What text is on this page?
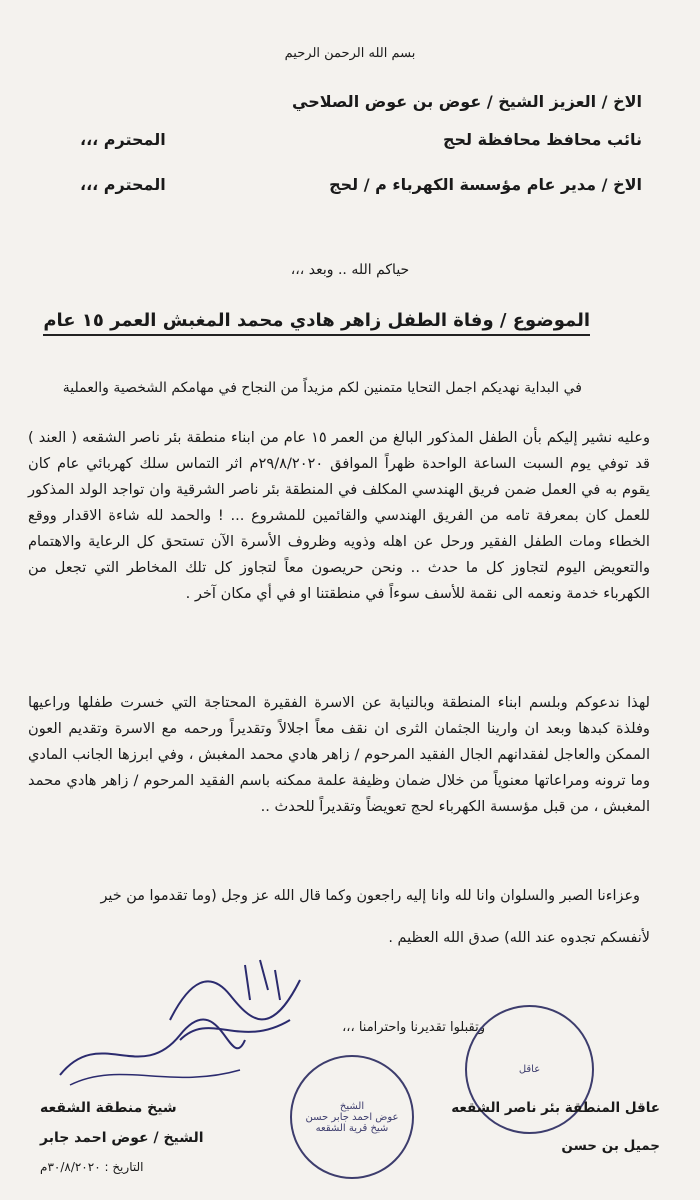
بسم الله الرحمن الرحيم
الاخ / العزيز الشيخ / عوض بن عوض الصلاحي
نائب محافظ محافظة لحج
المحترم ،،،
الاخ / مدير عام مؤسسة الكهرباء م / لحج
المحترم ،،،
حياكم الله .. وبعد ،،،
الموضوع / وفاة الطفل زاهر هادي محمد المغبش العمر ١٥ عام
في البداية نهديكم اجمل التحايا متمنين لكم مزيداً من النجاح في مهامكم الشخصية والعملية
وعليه نشير إليكم بأن الطفل المذكور البالغ من العمر ١٥ عام من ابناء منطقة بئر ناصر الشقعه ( العند ) قد توفي يوم السبت الساعة الواحدة ظهراً الموافق ٢٩/٨/٢٠٢٠م اثر التماس سلك كهربائي عام كان يقوم به في العمل ضمن فريق الهندسي المكلف في المنطقة بئر ناصر الشرقية وان تواجد الولد المذكور للعمل كان بمعرفة تامه من الفريق الهندسي والقائمين للمشروع ... ! والحمد لله شاءة الاقدار ووقع الخطاء ومات الطفل الفقير ورحل عن اهله وذويه وظروف الأسرة الآن تستحق كل الرعاية والاهتمام والتعويض اليوم لتجاوز كل ما حدث .. ونحن حريصون معاً لتجاوز كل تلك المخاطر التي تجعل من الكهرباء خدمة ونعمه الى نقمة للأسف سوءاً في منطقتنا او في أي مكان آخر .
لهذا ندعوكم وبلسم ابناء المنطقة وبالنيابة عن الاسرة الفقيرة المحتاجة التي خسرت طفلها وراعيها وفلذة كبدها وبعد ان وارينا الجثمان الثرى ان نقف معاً اجلالاً وتقديراً ورحمه مع الاسرة وتقديم العون الممكن والعاجل لفقدانهم الجال الفقيد المرحوم / زاهر هادي محمد المغبش ، وفي ابرزها الجانب المادي وما ترونه ومراعاتها معنوياً من خلال ضمان وظيفة علمة ممكنه باسم الفقيد المرحوم / زاهر هادي محمد المغبش ، من قبل مؤسسة الكهرباء لحج تعويضاً وتقديراً للحدث ..
وعزاءنا الصبر والسلوان وانا لله وانا إليه راجعون وكما قال الله عز وجل (وما تقدموا من خير
لأنفسكم تجدوه عند الله) صدق الله العظيم .
وتقبلوا تقديرنا واحترامنا ،،،
الشيخ
عوض احمد جابر حسن
شيخ قرية الشقعه
عاقل
عاقل المنطقة بئر ناصر الشقعه
جميل بن حسن
شيخ منطقة الشقعه
الشيخ / عوض احمد جابر
التاريخ : ٣٠/٨/٢٠٢٠م
